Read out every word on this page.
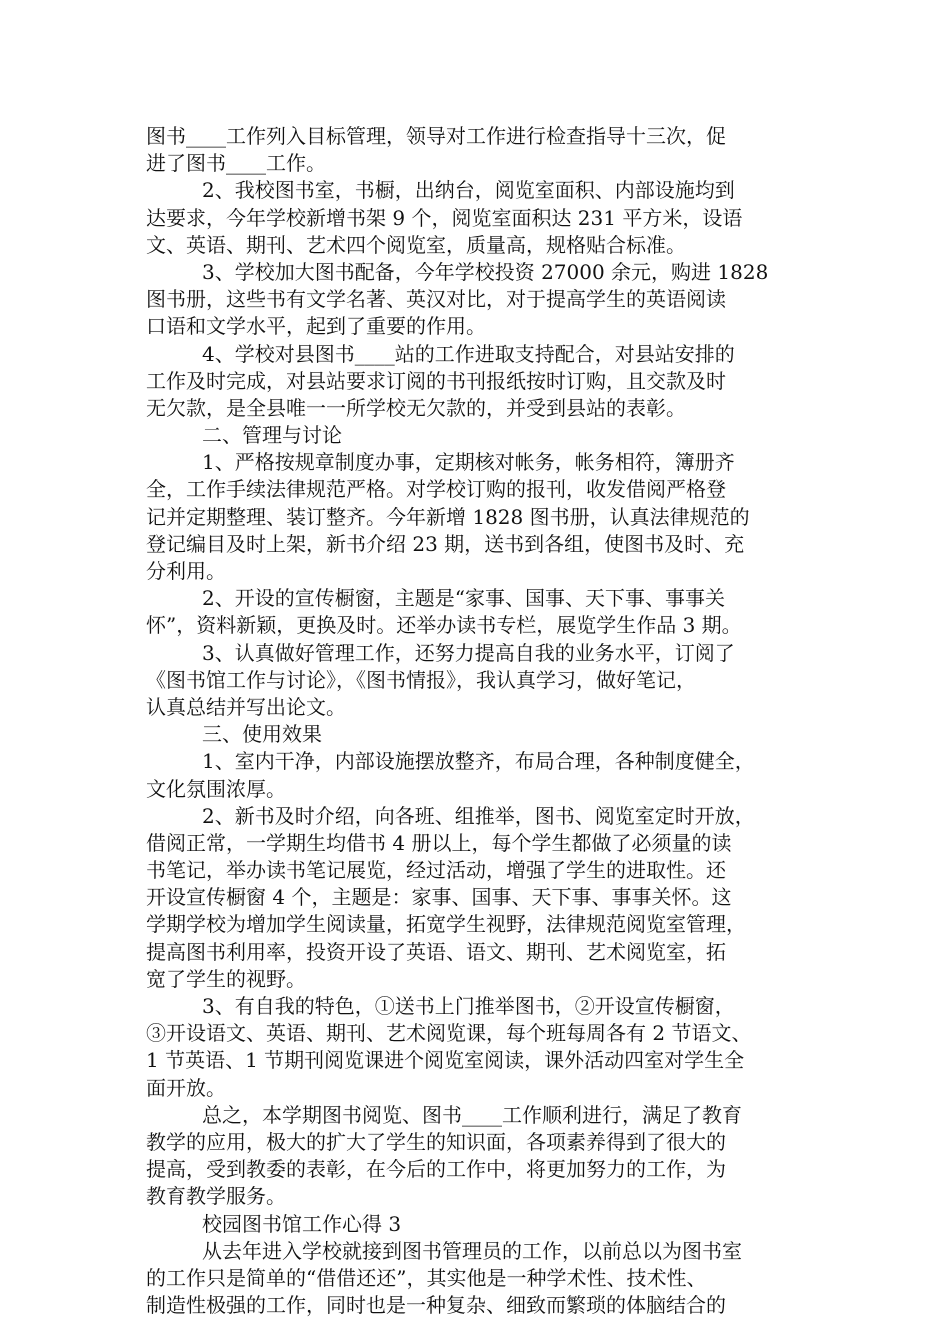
图书____工作列入目标管理，领导对工作进行检查指导十三次，促
进了图书____工作。
2、我校图书室，书橱，出纳台，阅览室面积、内部设施均到
达要求，今年学校新增书架 9 个，阅览室面积达 231 平方米，设语
文、英语、期刊、艺术四个阅览室，质量高，规格贴合标准。
3、学校加大图书配备，今年学校投资 27000 余元，购进 1828
图书册，这些书有文学名著、英汉对比，对于提高学生的英语阅读
口语和文学水平，起到了重要的作用。
4、学校对县图书____站的工作进取支持配合，对县站安排的
工作及时完成，对县站要求订阅的书刊报纸按时订购，且交款及时
无欠款，是全县唯一一所学校无欠款的，并受到县站的表彰。
二、管理与讨论
1、严格按规章制度办事，定期核对帐务，帐务相符，簿册齐
全，工作手续法律规范严格。对学校订购的报刊，收发借阅严格登
记并定期整理、装订整齐。今年新增 1828 图书册，认真法律规范的
登记编目及时上架，新书介绍 23 期，送书到各组，使图书及时、充
分利用。
2、开设的宣传橱窗，主题是“家事、国事、天下事、事事关
怀”，资料新颖，更换及时。还举办读书专栏，展览学生作品 3 期。
3、认真做好管理工作，还努力提高自我的业务水平，订阅了
《图书馆工作与讨论》，《图书情报》，我认真学习，做好笔记，
认真总结并写出论文。
三、使用效果
1、室内干净，内部设施摆放整齐，布局合理，各种制度健全，
文化氛围浓厚。
2、新书及时介绍，向各班、组推举，图书、阅览室定时开放，
借阅正常，一学期生均借书 4 册以上，每个学生都做了必须量的读
书笔记，举办读书笔记展览，经过活动，增强了学生的进取性。还
开设宣传橱窗 4 个，主题是：家事、国事、天下事、事事关怀。这
学期学校为增加学生阅读量，拓宽学生视野，法律规范阅览室管理，
提高图书利用率，投资开设了英语、语文、期刊、艺术阅览室，拓
宽了学生的视野。
3、有自我的特色，①送书上门推举图书，②开设宣传橱窗，
③开设语文、英语、期刊、艺术阅览课，每个班每周各有 2 节语文、
1 节英语、1 节期刊阅览课进个阅览室阅读，课外活动四室对学生全
面开放。
总之，本学期图书阅览、图书____工作顺利进行，满足了教育
教学的应用，极大的扩大了学生的知识面，各项素养得到了很大的
提高，受到教委的表彰，在今后的工作中，将更加努力的工作，为
教育教学服务。
校园图书馆工作心得 3
从去年进入学校就接到图书管理员的工作，以前总以为图书室
的工作只是简单的“借借还还”，其实他是一种学术性、技术性、
制造性极强的工作，同时也是一种复杂、细致而繁琐的体脑结合的
